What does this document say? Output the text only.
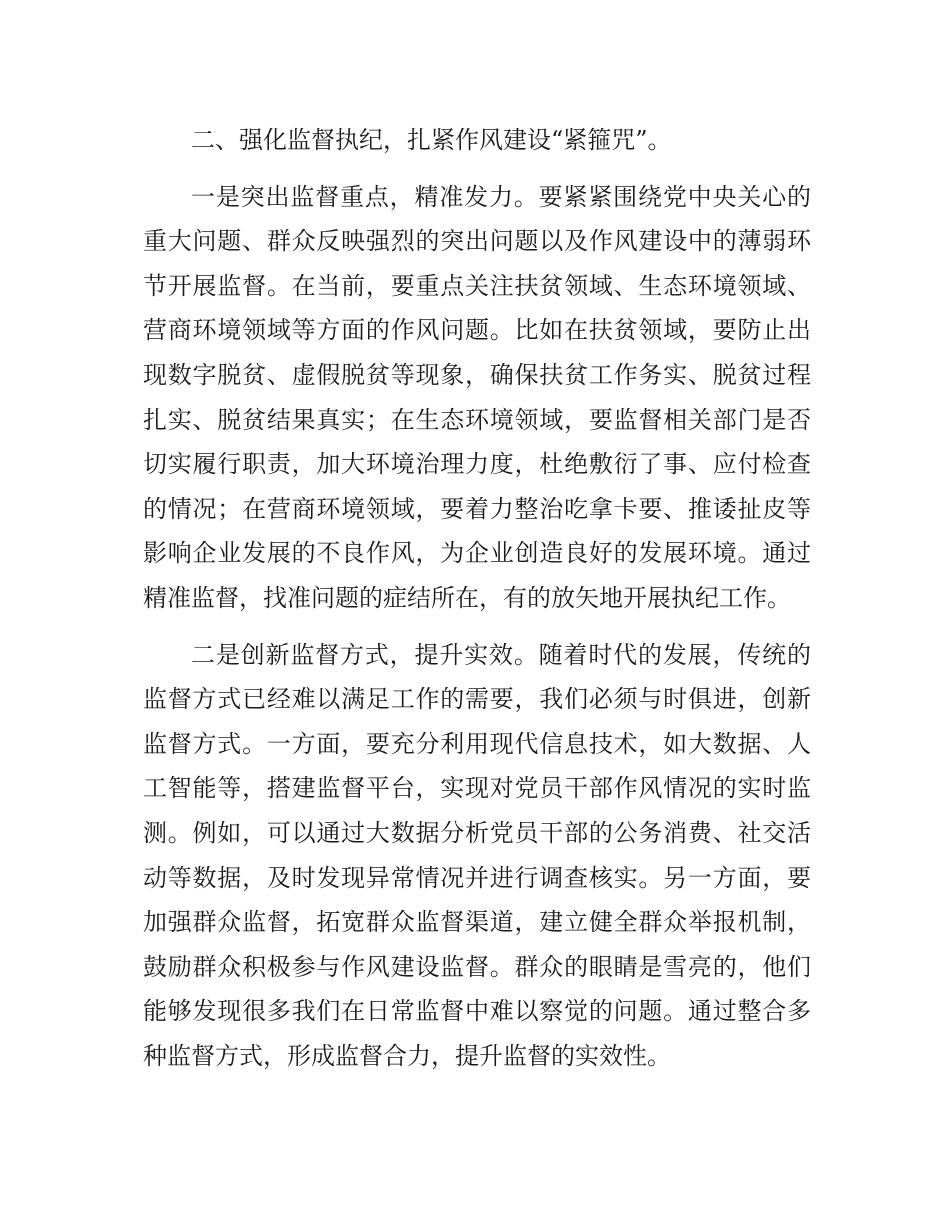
二、强化监督执纪，扎紧作风建设“紧箍咒”。

一是突出监督重点，精准发力。要紧紧围绕党中央关心的重大问题、群众反映强烈的突出问题以及作风建设中的薄弱环节开展监督。在当前，要重点关注扶贫领域、生态环境领域、营商环境领域等方面的作风问题。比如在扶贫领域，要防止出现数字脱贫、虚假脱贫等现象，确保扶贫工作务实、脱贫过程扎实、脱贫结果真实；在生态环境领域，要监督相关部门是否切实履行职责，加大环境治理力度，杜绝敷衍了事、应付检查的情况；在营商环境领域，要着力整治吃拿卡要、推诿扯皮等影响企业发展的不良作风，为企业创造良好的发展环境。通过精准监督，找准问题的症结所在，有的放矢地开展执纪工作。

二是创新监督方式，提升实效。随着时代的发展，传统的监督方式已经难以满足工作的需要，我们必须与时俱进，创新监督方式。一方面，要充分利用现代信息技术，如大数据、人工智能等，搭建监督平台，实现对党员干部作风情况的实时监测。例如，可以通过大数据分析党员干部的公务消费、社交活动等数据，及时发现异常情况并进行调查核实。另一方面，要加强群众监督，拓宽群众监督渠道，建立健全群众举报机制，鼓励群众积极参与作风建设监督。群众的眼睛是雪亮的，他们能够发现很多我们在日常监督中难以察觉的问题。通过整合多种监督方式，形成监督合力，提升监督的实效性。
